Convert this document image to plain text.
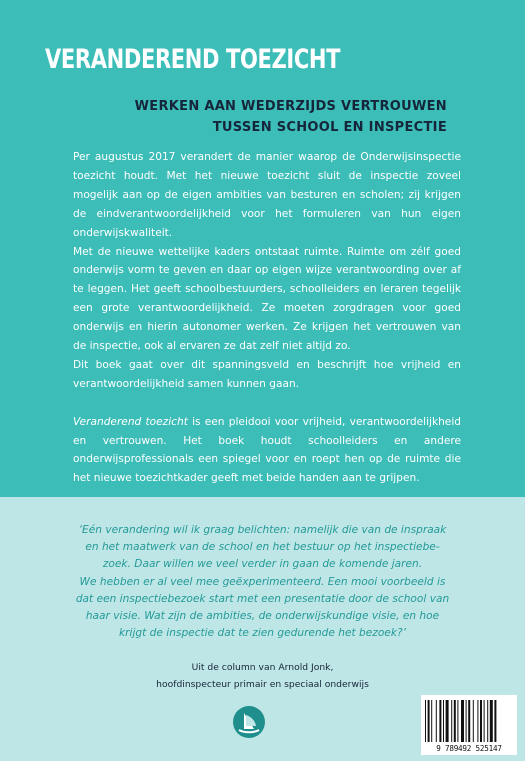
VERANDEREND TOEZICHT
WERKEN AAN WEDERZIJDS VERTROUWEN
TUSSEN SCHOOL EN INSPECTIE

Per augustus 2017 verandert de manier waarop de Onderwijsinspectie toezicht houdt. Met het nieuwe toezicht sluit de inspectie zoveel mogelijk aan op de eigen ambities van besturen en scholen; zij krijgen de eindverantwoordelijkheid voor het formuleren van hun eigen onderwijskwaliteit.

Met de nieuwe wettelijke kaders ontstaat ruimte. Ruimte om zélf goed onderwijs vorm te geven en daar op eigen wijze verantwoording over af te leggen. Het geeft schoolbestuurders, schoolleiders en leraren tegelijk een grote verantwoordelijkheid. Ze moeten zorgdragen voor goed onderwijs en hierin autonomer werken. Ze krijgen het vertrouwen van de inspectie, ook al ervaren ze dat zelf niet altijd zo.

Dit boek gaat over dit spanningsveld en beschrijft hoe vrijheid en verantwoordelijkheid samen kunnen gaan.

Veranderend toezicht is een pleidooi voor vrijheid, verantwoordelijkheid en vertrouwen. Het boek houdt schoolleiders en andere onderwijsprofessionals een spiegel voor en roept hen op de ruimte die het nieuwe toezichtkader geeft met beide handen aan te grijpen.

‘Eén verandering wil ik graag belichten: namelijk die van de inspraak
en het maatwerk van de school en het bestuur op het inspectiebe-
zoek. Daar willen we veel verder in gaan de komende jaren.
We hebben er al veel mee geëxperimenteerd. Een mooi voorbeeld is
dat een inspectiebezoek start met een presentatie door de school van
haar visie. Wat zijn de ambities, de onderwijskundige visie, en hoe
krijgt de inspectie dat te zien gedurende het bezoek?’
Uit de column van Arnold Jonk,
hoofdinspecteur primair en speciaal onderwijs
9 789492 525147
